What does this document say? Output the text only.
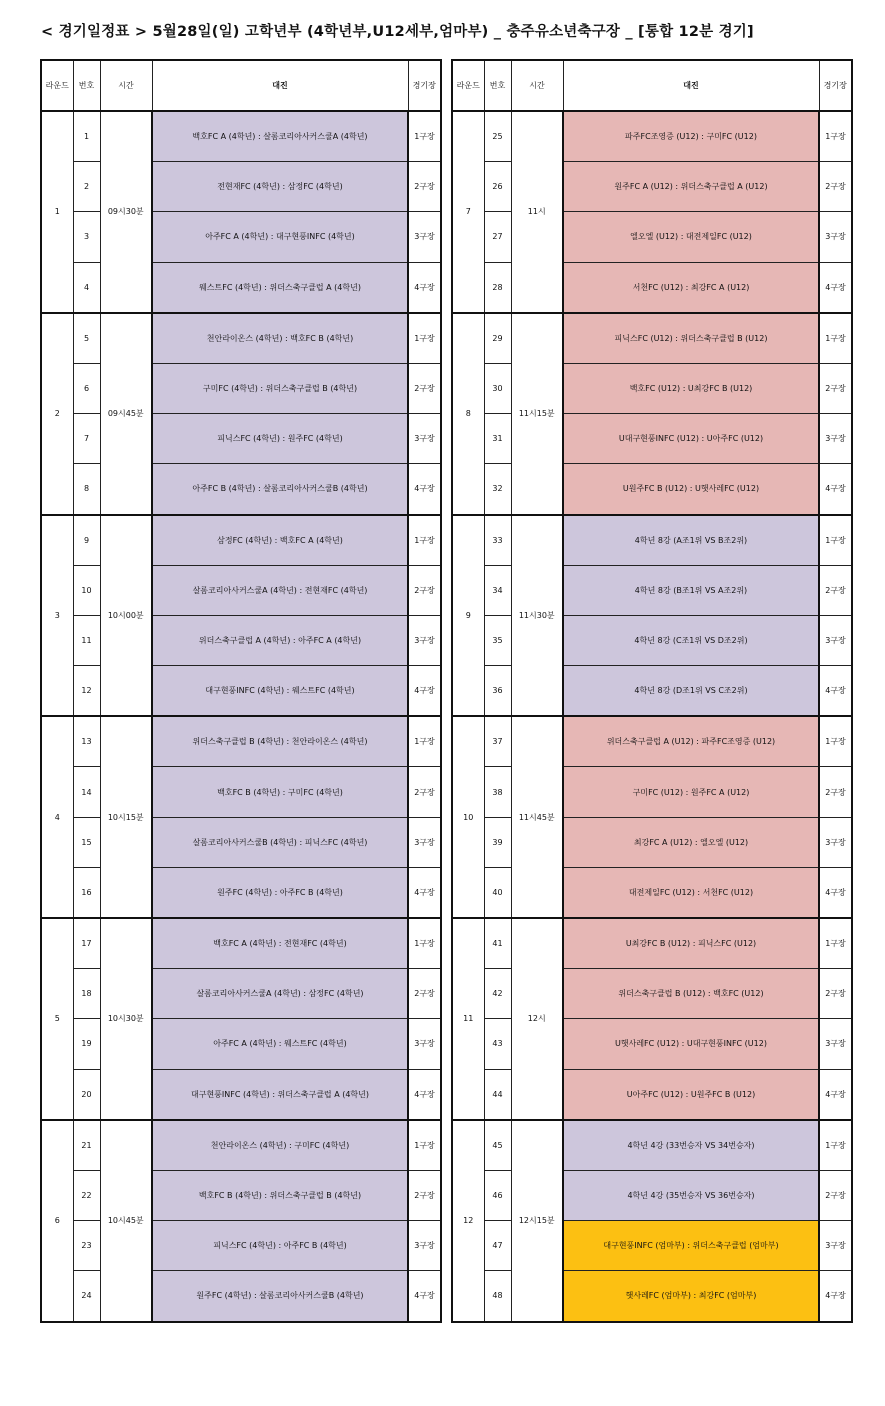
< 경기일정표 > 5월28일(일) 고학년부 (4학년부,U12세부,엄마부) _ 충주유소년축구장 _ [통합 12분 경기]
라운드	번호	시간	대진	경기장
1	1	09시30분	백호FC A (4학년) : 살롬코리아사커스쿨A (4학년)	1구장
	2		전현재FC (4학년) : 삼정FC (4학년)	2구장
	3		아주FC A (4학년) : 대구현풍INFC (4학년)	3구장
	4		웨스트FC (4학년) : 위더스축구클럽 A (4학년)	4구장
2	5	09시45분	천안라이온스 (4학년) : 백호FC B (4학년)	1구장
	6		구미FC (4학년) : 위더스축구클럽 B (4학년)	2구장
	7		피닉스FC (4학년) : 원주FC (4학년)	3구장
	8		아주FC B (4학년) : 살롬코리아사커스쿨B (4학년)	4구장
3	9	10시00분	삼정FC (4학년) : 백호FC A (4학년)	1구장
	10		살롬코리아사커스쿨A (4학년) : 전현재FC (4학년)	2구장
	11		위더스축구클럽 A (4학년) : 아주FC A (4학년)	3구장
	12		대구현풍INFC (4학년) : 웨스트FC (4학년)	4구장
4	13	10시15분	위더스축구클럽 B (4학년) : 천안라이온스 (4학년)	1구장
	14		백호FC B (4학년) : 구미FC (4학년)	2구장
	15		살롬코리아사커스쿨B (4학년) : 피닉스FC (4학년)	3구장
	16		원주FC (4학년) : 아주FC B (4학년)	4구장
5	17	10시30분	백호FC A (4학년) : 전현재FC (4학년)	1구장
	18		살롬코리아사커스쿨A (4학년) : 삼정FC (4학년)	2구장
	19		아주FC A (4학년) : 웨스트FC (4학년)	3구장
	20		대구현풍INFC (4학년) : 위더스축구클럽 A (4학년)	4구장
6	21	10시45분	천안라이온스 (4학년) : 구미FC (4학년)	1구장
	22		백호FC B (4학년) : 위더스축구클럽 B (4학년)	2구장
	23		피닉스FC (4학년) : 아주FC B (4학년)	3구장
	24		원주FC (4학년) : 살롬코리아사커스쿨B (4학년)	4구장
라운드	번호	시간	대진	경기장
7	25	11시	파주FC조영증 (U12) : 구미FC (U12)	1구장
	26		원주FC A (U12) : 위더스축구클럽 A (U12)	2구장
	27		엘오엘 (U12) : 대전제일FC (U12)	3구장
	28		서천FC (U12) : 최강FC A (U12)	4구장
8	29	11시15분	피닉스FC (U12) : 위더스축구클럽 B (U12)	1구장
	30		백호FC (U12) : U최강FC B (U12)	2구장
	31		U대구현풍INFC (U12) : U아주FC (U12)	3구장
	32		U원주FC B (U12) : U햇사레FC (U12)	4구장
9	33	11시30분	4학년 8강 (A조1위 VS B조2위)	1구장
	34		4학년 8강 (B조1위 VS A조2위)	2구장
	35		4학년 8강 (C조1위 VS D조2위)	3구장
	36		4학년 8강 (D조1위 VS C조2위)	4구장
10	37	11시45분	위더스축구클럽 A (U12) : 파주FC조영증 (U12)	1구장
	38		구미FC (U12) : 원주FC A (U12)	2구장
	39		최강FC A (U12) : 엘오엘 (U12)	3구장
	40		대전제일FC (U12) : 서천FC (U12)	4구장
11	41	12시	U최강FC B (U12) : 피닉스FC (U12)	1구장
	42		위더스축구클럽 B (U12) : 백호FC (U12)	2구장
	43		U햇사레FC (U12) : U대구현풍INFC (U12)	3구장
	44		U아주FC (U12) : U원주FC B (U12)	4구장
12	45	12시15분	4학년 4강 (33번승자 VS 34번승자)	1구장
	46		4학년 4강 (35번승자 VS 36번승자)	2구장
	47		대구현풍INFC (엄마부) : 위더스축구클럽 (엄마부)	3구장
	48		햇사레FC (엄마부) : 최강FC (엄마부)	4구장
